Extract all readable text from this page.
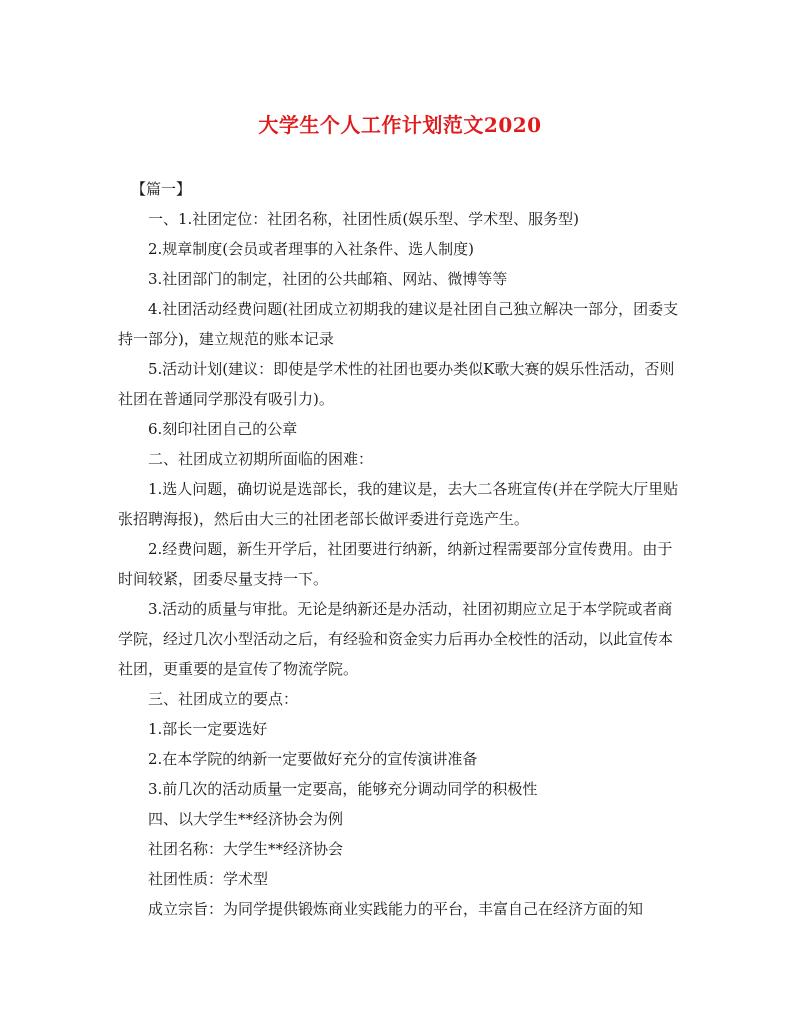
大学生个人工作计划范文2020

【篇一】

一、1.社团定位：社团名称，社团性质(娱乐型、学术型、服务型)

2.规章制度(会员或者理事的入社条件、选人制度)

3.社团部门的制定，社团的公共邮箱、网站、微博等等

4.社团活动经费问题(社团成立初期我的建议是社团自己独立解决一部分，团委支持一部分)，建立规范的账本记录

5.活动计划(建议：即使是学术性的社团也要办类似K歌大赛的娱乐性活动，否则社团在普通同学那没有吸引力)。

6.刻印社团自己的公章

二、社团成立初期所面临的困难：

1.选人问题，确切说是选部长，我的建议是，去大二各班宣传(并在学院大厅里贴张招聘海报)，然后由大三的社团老部长做评委进行竞选产生。

2.经费问题，新生开学后，社团要进行纳新，纳新过程需要部分宣传费用。由于时间较紧，团委尽量支持一下。

3.活动的质量与审批。无论是纳新还是办活动，社团初期应立足于本学院或者商学院，经过几次小型活动之后，有经验和资金实力后再办全校性的活动，以此宣传本社团，更重要的是宣传了物流学院。

三、社团成立的要点：

1.部长一定要选好

2.在本学院的纳新一定要做好充分的宣传演讲准备

3.前几次的活动质量一定要高，能够充分调动同学的积极性

四、以大学生**经济协会为例

社团名称：大学生**经济协会

社团性质：学术型

成立宗旨：为同学提供锻炼商业实践能力的平台，丰富自己在经济方面的知
